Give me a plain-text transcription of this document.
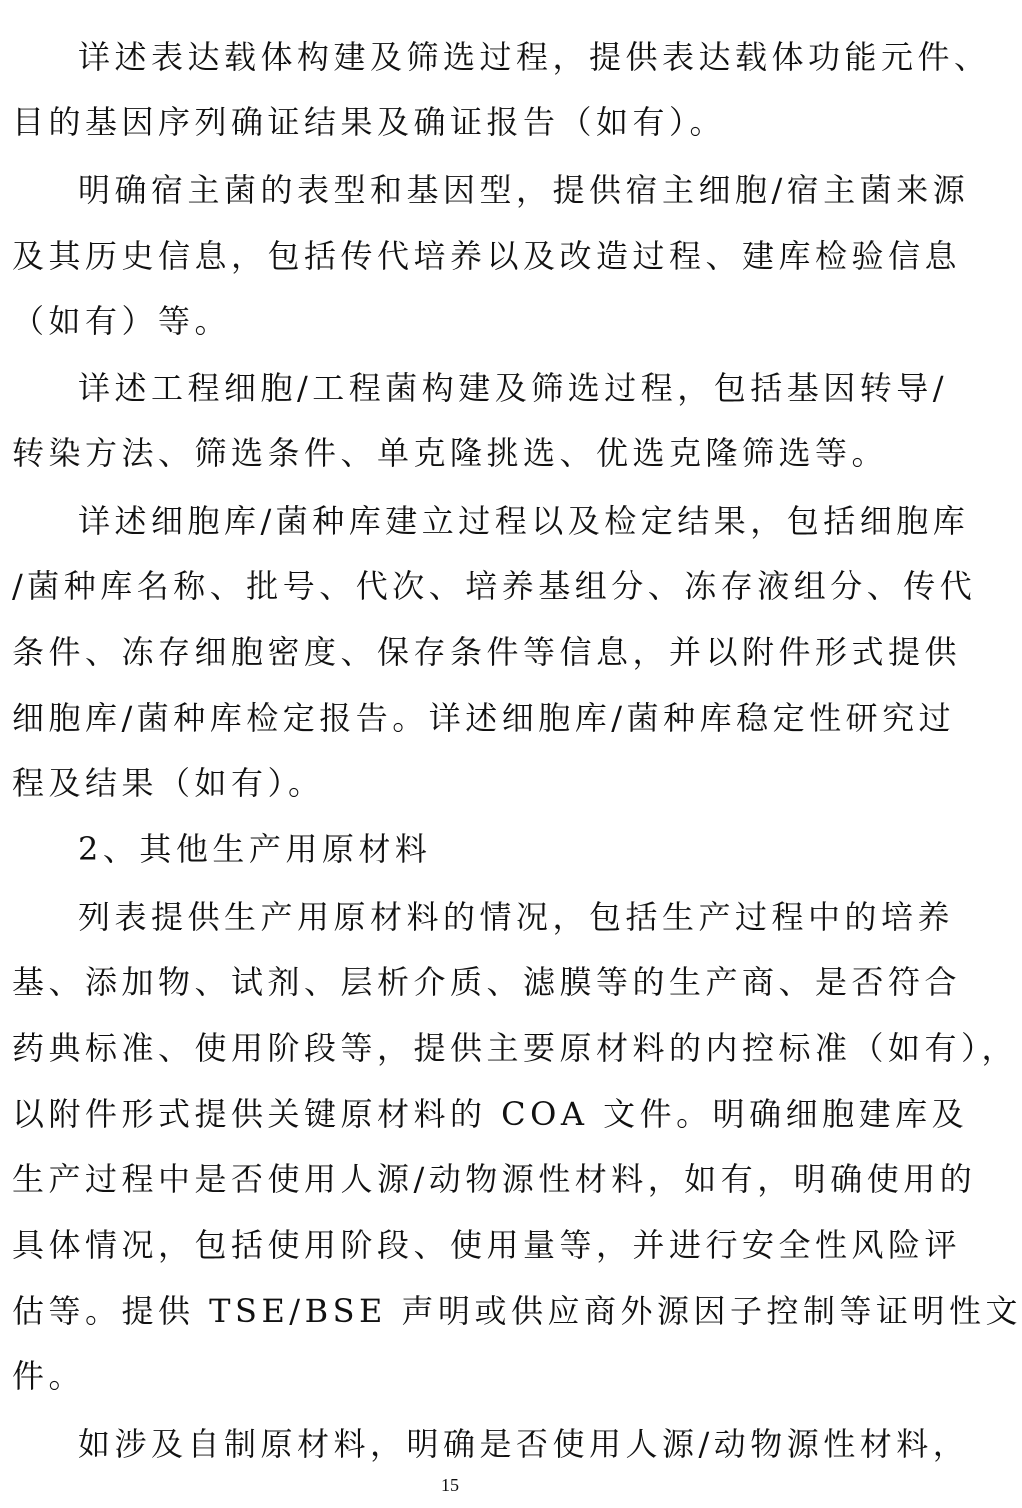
详述表达载体构建及筛选过程，提供表达载体功能元件、
目的基因序列确证结果及确证报告（如有）。
明确宿主菌的表型和基因型，提供宿主细胞/宿主菌来源
及其历史信息，包括传代培养以及改造过程、建库检验信息
（如有）等。
详述工程细胞/工程菌构建及筛选过程，包括基因转导/
转染方法、筛选条件、单克隆挑选、优选克隆筛选等。
详述细胞库/菌种库建立过程以及检定结果，包括细胞库
/菌种库名称、批号、代次、培养基组分、冻存液组分、传代
条件、冻存细胞密度、保存条件等信息，并以附件形式提供
细胞库/菌种库检定报告。详述细胞库/菌种库稳定性研究过
程及结果（如有）。
2、其他生产用原材料
列表提供生产用原材料的情况，包括生产过程中的培养
基、添加物、试剂、层析介质、滤膜等的生产商、是否符合
药典标准、使用阶段等，提供主要原材料的内控标准（如有），
以附件形式提供关键原材料的 COA 文件。明确细胞建库及
生产过程中是否使用人源/动物源性材料，如有，明确使用的
具体情况，包括使用阶段、使用量等，并进行安全性风险评
估等。提供 TSE/BSE 声明或供应商外源因子控制等证明性文
件。
如涉及自制原材料，明确是否使用人源/动物源性材料，
15
